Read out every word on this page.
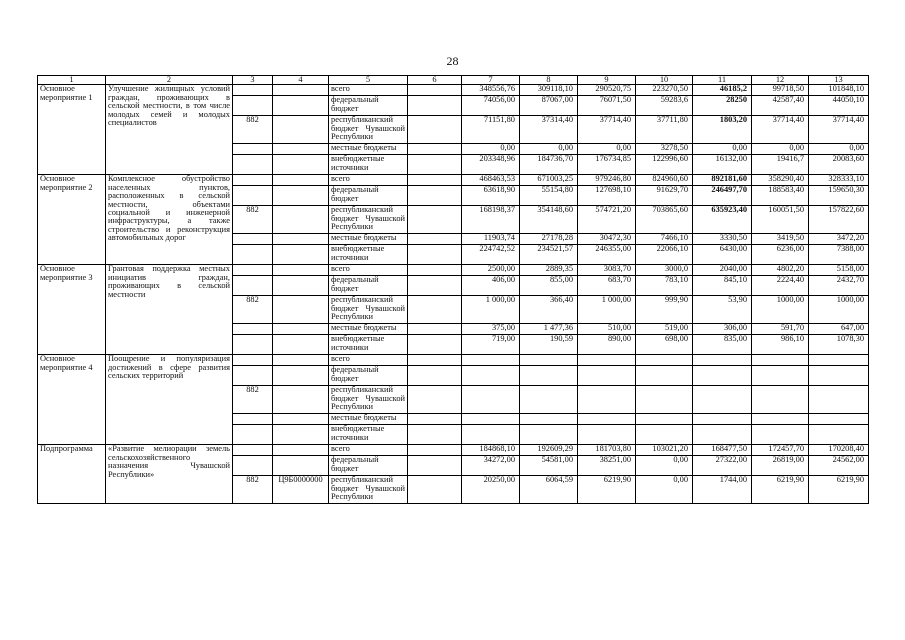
28
1	2	3	4	5	6	7	8	9	10	11	12	13
Основное мероприятие 1	Улучшение жилищных условий граждан, проживающих в сельской местности, в том числе молодых семей и молодых специалистов			всего		348556,76	309118,10	290520,75	223270,50	46185,2	99718,50	101848,10
				федеральный бюджет		74056,00	87067,00	76071,50	59283,6	28250	42587,40	44050,10
		882		республиканский бюджет Чувашской Республики		71151,80	37314,40	37714,40	37711,80	1803,20	37714,40	37714,40
				местные бюджеты		0,00	0,00	0,00	3278,50	0,00	0,00	0,00
				внебюджетные источники		203348,96	184736,70	176734,85	122996,60	16132,00	19416,7	20083,60
Основное мероприятие 2	Комплексное обустройство населенных пунктов, расположенных в сельской местности, объектами социальной и инженерной инфраструктуры, а также строительство и реконструкция автомобильных дорог			всего		468463,53	671003,25	979246,80	824960,60	892181,60	358290,40	328333,10
				федеральный бюджет		63618,90	55154,80	127698,10	91629,70	246497,70	188583,40	159650,30
		882		республиканский бюджет Чувашской Республики		168198,37	354148,60	574721,20	703865,60	635923,40	160051,50	157822,60
				местные бюджеты		11903,74	27178,28	30472,30	7466,10	3330,50	3419,50	3472,20
				внебюджетные источники		224742,52	234521,57	246355,00	22066,10	6430,00	6236,00	7388,00
Основное мероприятие 3	Грантовая поддержка местных инициатив граждан, проживающих в сельской местности			всего		2500,00	2889,35	3083,70	3000,0	2040,00	4802,20	5158,00
				федеральный бюджет		406,00	855,00	683,70	783,10	845,10	2224,40	2432,70
		882		республиканский бюджет Чувашской Республики		1 000,00	366,40	1 000,00	999,90	53,90	1000,00	1000,00
				местные бюджеты		375,00	1 477,36	510,00	519,00	306,00	591,70	647,00
				внебюджетные источники		719,00	190,59	890,00	698,00	835,00	986,10	1078,30
Основное мероприятие 4	Поощрение и популяризация достижений в сфере развития сельских территорий			всего								
				федеральный бюджет								
		882		республиканский бюджет Чувашской Республики								
				местные бюджеты								
				внебюджетные источники								
Подпрограмма	«Развитие мелиорации земель сельскохозяйственного назначения Чувашской Республики»			всего		184868,10	192609,29	181703,80	103021,20	168477,50	172457,70	170208,40
				федеральный бюджет		34272,00	54581,00	38251,00	0,00	27322,00	26819,00	24562,00
		882	Ц9Б0000000	республиканский бюджет Чувашской Республики		20250,00	6064,59	6219,90	0,00	1744,00	6219,90	6219,90
